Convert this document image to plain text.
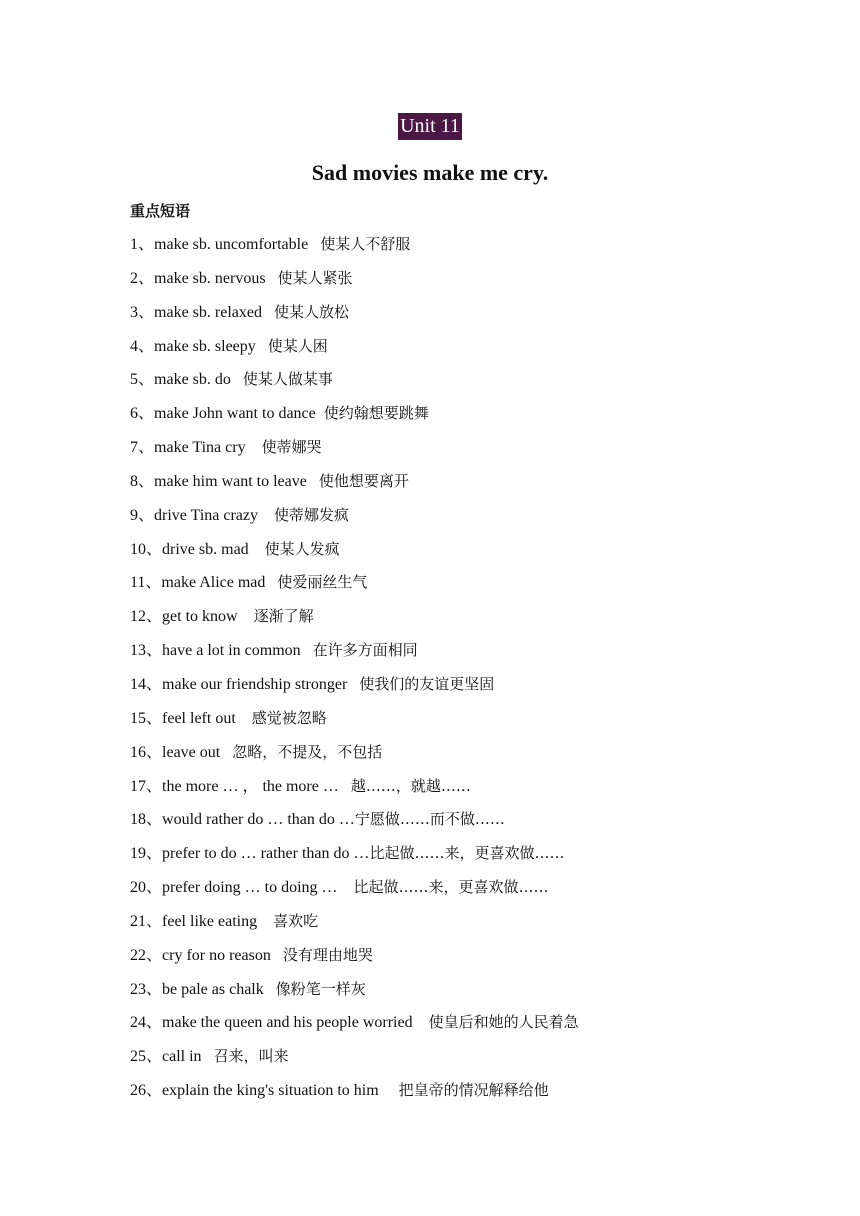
Unit 11
Sad movies make me cry.
重点短语
1、make sb. uncomfortable   使某人不舒服
2、make sb. nervous   使某人紧张
3、make sb. relaxed   使某人放松
4、make sb. sleepy   使某人困
5、make sb. do   使某人做某事
6、make John want to dance  使约翰想要跳舞
7、make Tina cry    使蒂娜哭
8、make him want to leave   使他想要离开
9、drive Tina crazy    使蒂娜发疯
10、drive sb. mad    使某人发疯
11、make Alice mad   使爱丽丝生气
12、get to know    逐渐了解
13、have a lot in common   在许多方面相同
14、make our friendship stronger   使我们的友谊更坚固
15、feel left out    感觉被忽略
16、leave out   忽略，不提及，不包括
17、the more … ， the more …   越……，就越……
18、would rather do … than do …宁愿做……而不做……
19、prefer to do … rather than do …比起做……来，更喜欢做……
20、prefer doing … to doing …    比起做……来，更喜欢做……
21、feel like eating    喜欢吃
22、cry for no reason   没有理由地哭
23、be pale as chalk   像粉笔一样灰
24、make the queen and his people worried    使皇后和她的人民着急
25、call in   召来，叫来
26、explain the king's situation to him     把皇帝的情况解释给他
